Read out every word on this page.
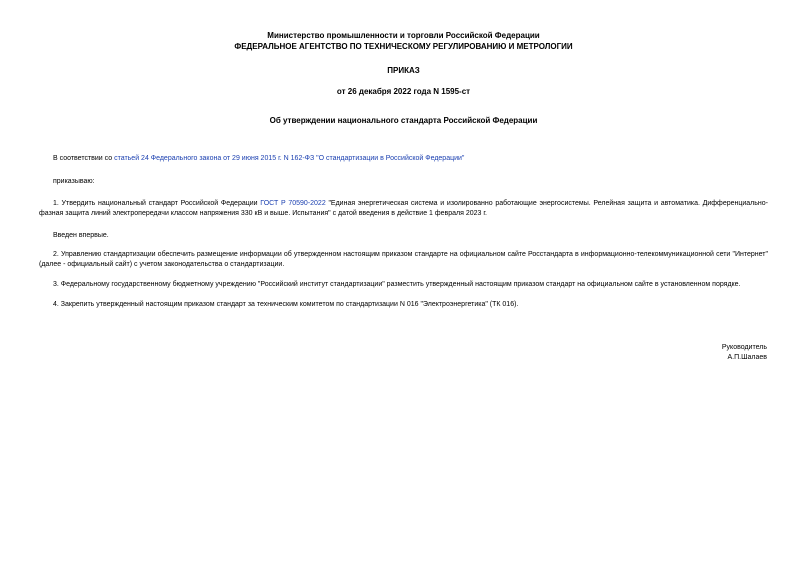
Министерство промышленности и торговли Российской Федерации
ФЕДЕРАЛЬНОЕ АГЕНТСТВО ПО ТЕХНИЧЕСКОМУ РЕГУЛИРОВАНИЮ И МЕТРОЛОГИИ
ПРИКАЗ
от 26 декабря 2022 года N 1595-ст
Об утверждении национального стандарта Российской Федерации

В соответствии со статьей 24 Федерального закона от 29 июня 2015 г. N 162-ФЗ "О стандартизации в Российской Федерации"

приказываю:

1. Утвердить национальный стандарт Российской Федерации ГОСТ Р 70590-2022 "Единая энергетическая система и изолированно работающие энергосистемы. Релейная защита и автоматика. Дифференциально-фазная защита линий электропередачи классом напряжения 330 кВ и выше. Испытания" с датой введения в действие 1 февраля 2023 г.

Введен впервые.

2. Управлению стандартизации обеспечить размещение информации об утвержденном настоящим приказом стандарте на официальном сайте Росстандарта в информационно-телекоммуникационной сети "Интернет" (далее - официальный сайт) с учетом законодательства о стандартизации.

3. Федеральному государственному бюджетному учреждению "Российский институт стандартизации" разместить утвержденный настоящим приказом стандарт на официальном сайте в установленном порядке.

4. Закрепить утвержденный настоящим приказом стандарт за техническим комитетом по стандартизации N 016 "Электроэнергетика" (ТК 016).

Руководитель
А.П.Шалаев
